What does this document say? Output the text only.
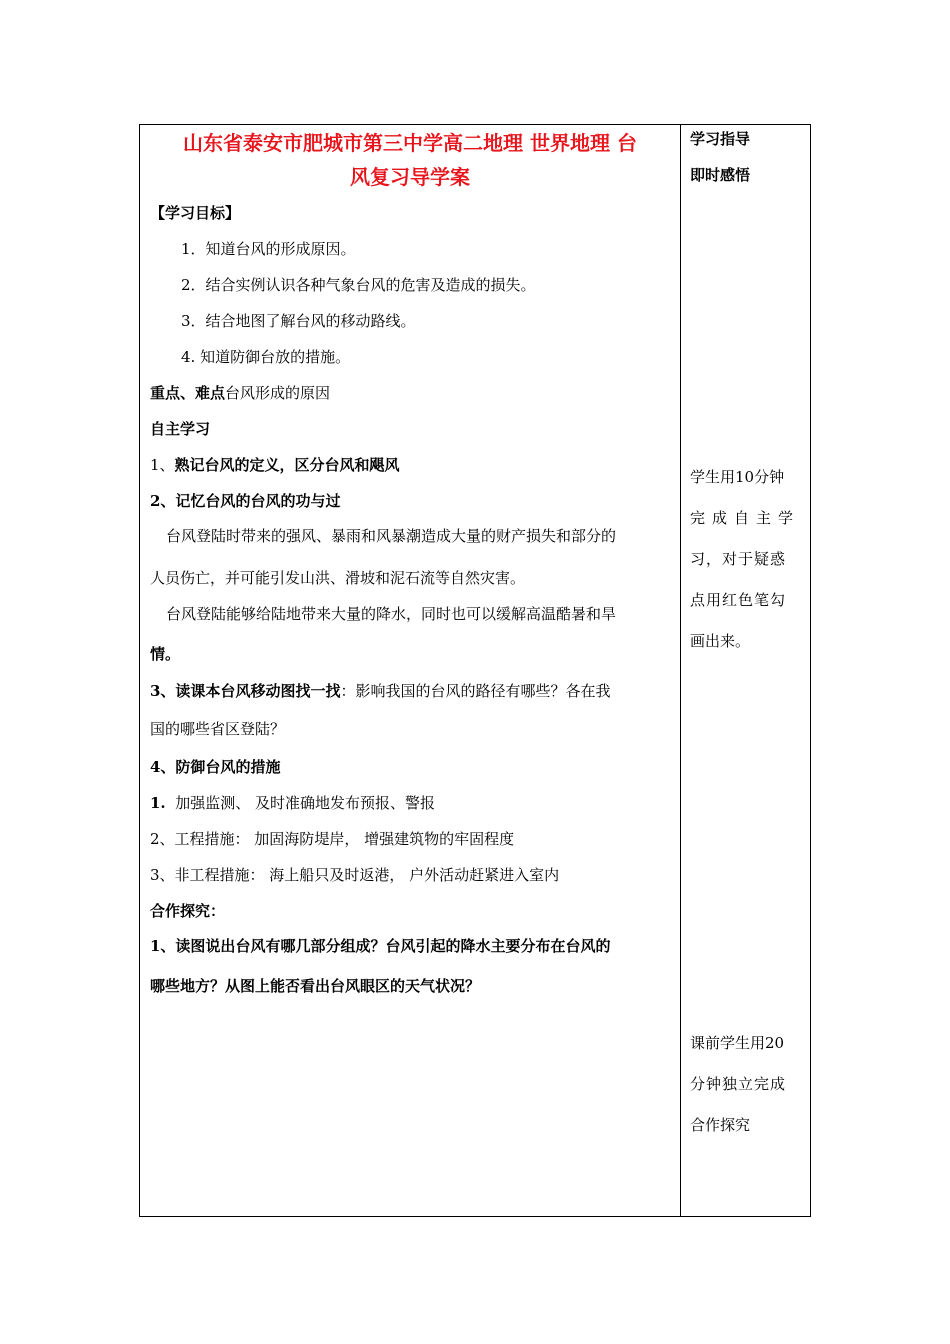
山东省泰安市肥城市第三中学高二地理 世界地理 台
风复习导学案
【学习目标】
1．知道台风的形成原因。
2．结合实例认识各种气象台风的危害及造成的损失。
3．结合地图了解台风的移动路线。
4. 知道防御台放的措施。
重点、难点台风形成的原因
自主学习
1、熟记台风的定义，区分台风和飓风
2、记忆台风的台风的功与过
台风登陆时带来的强风、暴雨和风暴潮造成大量的财产损失和部分的
人员伤亡，并可能引发山洪、滑坡和泥石流等自然灾害。
台风登陆能够给陆地带来大量的降水，同时也可以缓解高温酷暑和旱
情。
3、读课本台风移动图找一找：影响我国的台风的路径有哪些？各在我
国的哪些省区登陆？
4、防御台风的措施
1. 加强监测、 及时准确地发布预报、警报
2、工程措施： 加固海防堤岸， 增强建筑物的牢固程度
3、非工程措施： 海上船只及时返港， 户外活动赶紧进入室内
合作探究：
1、读图说出台风有哪几部分组成？台风引起的降水主要分布在台风的
哪些地方？从图上能否看出台风眼区的天气状况？
学习指导
即时感悟
学生用10分钟
完成自主学
习，对于疑惑
点用红色笔勾
画出来。
课前学生用20
分钟独立完成
合作探究
